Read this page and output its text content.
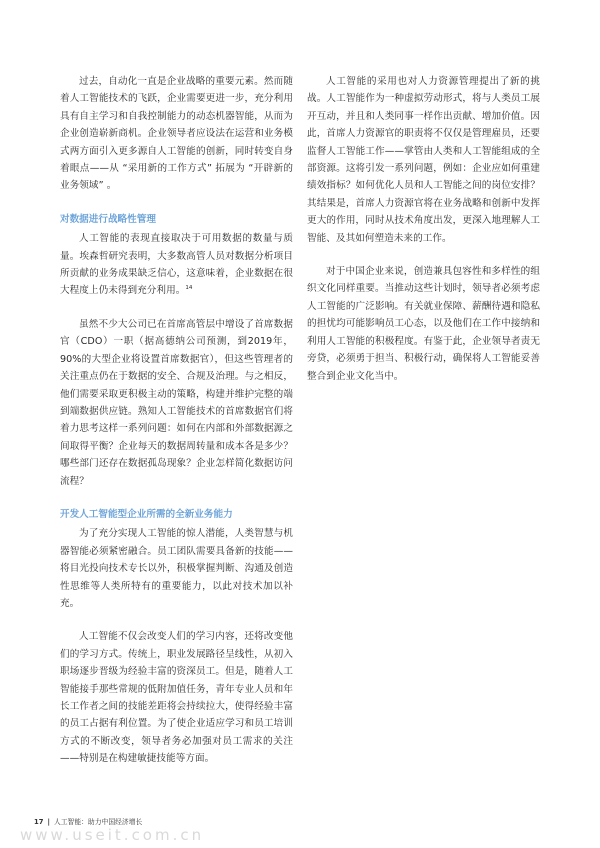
过去，自动化一直是企业战略的重要元素。然而随着人工智能技术的飞跃，企业需要更进一步，充分利用具有自主学习和自我控制能力的动态机器智能，从而为企业创造崭新商机。企业领导者应设法在运营和业务模式两方面引入更多源自人工智能的创新，同时转变自身着眼点——从 “采用新的工作方式” 拓展为 “开辟新的业务领域” 。

对数据进行战略性管理

人工智能的表现直接取决于可用数据的数量与质量。埃森哲研究表明，大多数高管人员对数据分析项目所贡献的业务成果缺乏信心，这意味着，企业数据在很大程度上仍未得到充分利用。$^{14}$

虽然不少大公司已在首席高管层中增设了首席数据官（CDO）一职（据高德纳公司预测，到2019年，90%的大型企业将设置首席数据官），但这些管理者的关注重点仍在于数据的安全、合规及治理。与之相反，他们需要采取更积极主动的策略，构建并维护完整的端到端数据供应链。熟知人工智能技术的首席数据官们将着力思考这样一系列问题：如何在内部和外部数据源之间取得平衡？企业每天的数据周转量和成本各是多少？哪些部门还存在数据孤岛现象？企业怎样简化数据访问流程？

开发人工智能型企业所需的全新业务能力

为了充分实现人工智能的惊人潜能，人类智慧与机器智能必须紧密融合。员工团队需要具备新的技能——将目光投向技术专长以外，积极掌握判断、沟通及创造性思维等人类所特有的重要能力，以此对技术加以补充。

人工智能不仅会改变人们的学习内容，还将改变他们的学习方式。传统上，职业发展路径呈线性，从初入职场逐步晋级为经验丰富的资深员工。但是，随着人工智能接手那些常规的低附加值任务，青年专业人员和年长工作者之间的技能差距将会持续拉大，使得经验丰富的员工占据有利位置。为了使企业适应学习和员工培训方式的不断改变，领导者务必加强对员工需求的关注——特别是在构建敏捷技能等方面。

人工智能的采用也对人力资源管理提出了新的挑战。人工智能作为一种虚拟劳动形式，将与人类员工展开互动，并且和人类同事一样作出贡献、增加价值。因此，首席人力资源官的职责将不仅仅是管理雇员，还要监督人工智能工作——掌管由人类和人工智能组成的全部资源。这将引发一系列问题，例如：企业应如何重建绩效指标？如何优化人员和人工智能之间的岗位安排？其结果是，首席人力资源官将在业务战略和创新中发挥更大的作用，同时从技术角度出发，更深入地理解人工智能、及其如何塑造未来的工作。

对于中国企业来说，创造兼具包容性和多样性的组织文化同样重要。当推动这些计划时，领导者必须考虑人工智能的广泛影响。有关就业保障、薪酬待遇和隐私的担忧均可能影响员工心态，以及他们在工作中接纳和利用人工智能的积极程度。有鉴于此，企业领导者责无旁贷，必须勇于担当、积极行动，确保将人工智能妥善整合到企业文化当中。

17 | 人工智能：助力中国经济增长
www.useit.com.cn
